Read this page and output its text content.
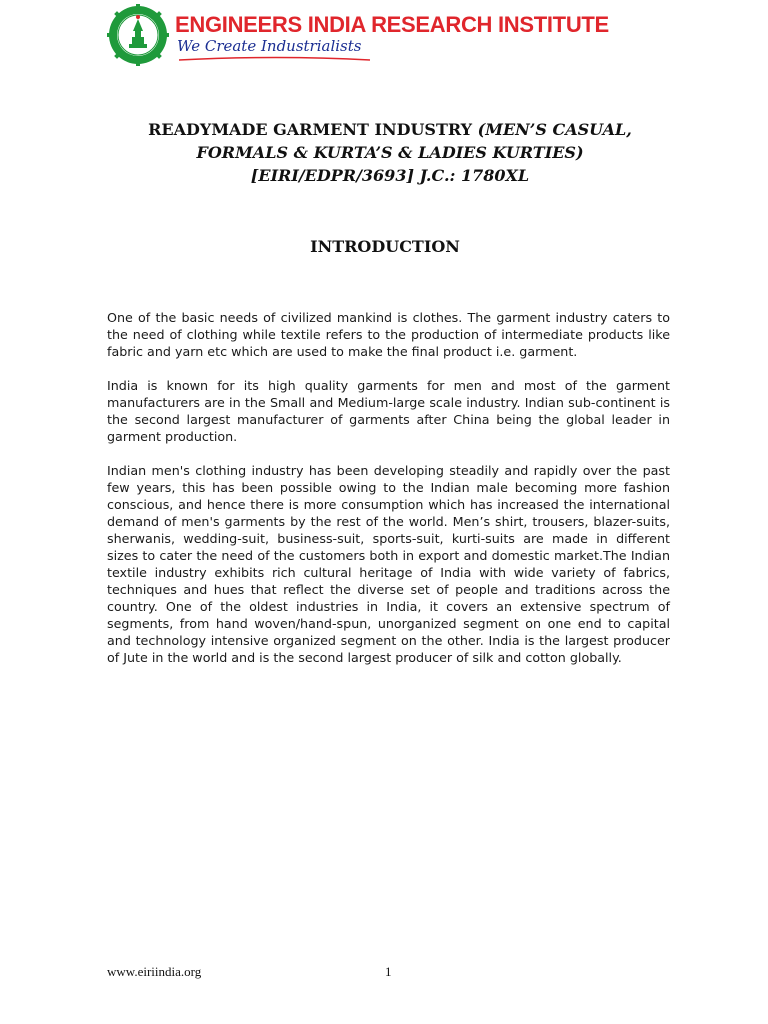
ENGINEERS INDIA RESEARCH INSTITUTE
We Create Industrialists
READYMADE GARMENT INDUSTRY (MEN’S CASUAL,
FORMALS & KURTA’S & LADIES KURTIES)
[EIRI/EDPR/3693] J.C.: 1780XL
INTRODUCTION

One of the basic needs of civilized mankind is clothes. The garment industry caters to the need of clothing while textile refers to the production of intermediate products like fabric and yarn etc which are used to make the final product i.e. garment.

India is known for its high quality garments for men and most of the garment manufacturers are in the Small and Medium-large scale industry. Indian sub-continent is the second largest manufacturer of garments after China being the global leader in garment production.

Indian men's clothing industry has been developing steadily and rapidly over the past few years, this has been possible owing to the Indian male becoming more fashion conscious, and hence there is more consumption which has increased the international demand of men's garments by the rest of the world. Men’s shirt, trousers, blazer-suits, sherwanis, wedding-suit, business-suit, sports-suit, kurti-suits are made in different sizes to cater the need of the customers both in export and domestic market.The Indian textile industry exhibits rich cultural heritage of India with wide variety of fabrics, techniques and hues that reflect the diverse set of people and traditions across the country. One of the oldest industries in India, it covers an extensive spectrum of segments, from hand woven/hand-spun, unorganized segment on one end to capital and technology intensive organized segment on the other. India is the largest producer of Jute in the world and is the second largest producer of silk and cotton globally.

www.eiriindia.org	1
